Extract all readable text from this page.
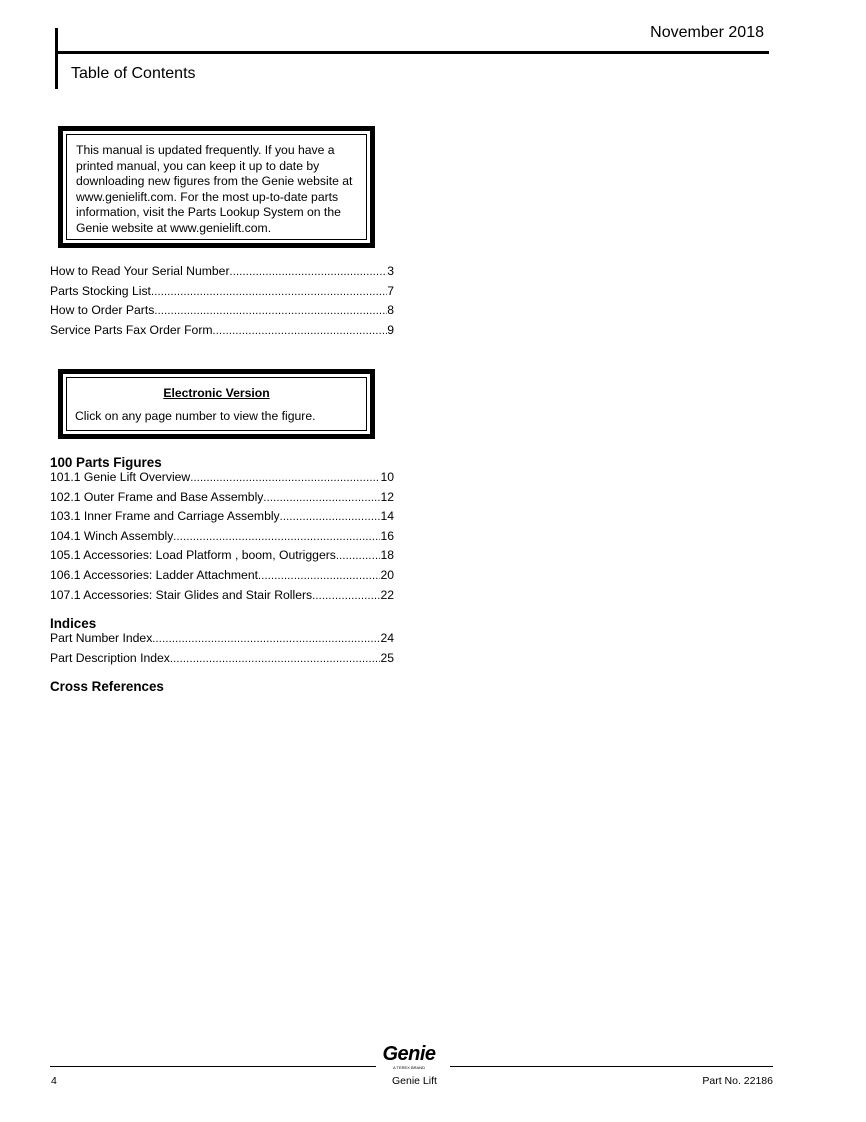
November 2018
Table of Contents

This manual is updated frequently. If you have a

printed manual, you can keep it up to date by

downloading new figures from the Genie website at

www.genielift.com. For the most up-to-date parts

information, visit the Parts Lookup System on the

Genie website at www.genielift.com.

How to Read Your Serial Number .....	3
Parts Stocking List .....	7
How to Order Parts .....	8
Service Parts Fax Order Form .....	9
Electronic Version
Click on any page number to view the figure.
100 Parts Figures
101.1 Genie Lift Overview .....	10
102.1 Outer Frame and Base Assembly .....	12
103.1 Inner Frame and Carriage Assembly .....	14
104.1 Winch Assembly .....	16
105.1 Accessories: Load Platform , boom, Outriggers .....	18
106.1 Accessories: Ladder Attachment .....	20
107.1 Accessories: Stair Glides and Stair Rollers .....	22
Indices
Part Number Index .....	24
Part Description Index .....	25
Cross References
Genie
A TEREX BRAND
4	Genie Lift	Part No. 22186
